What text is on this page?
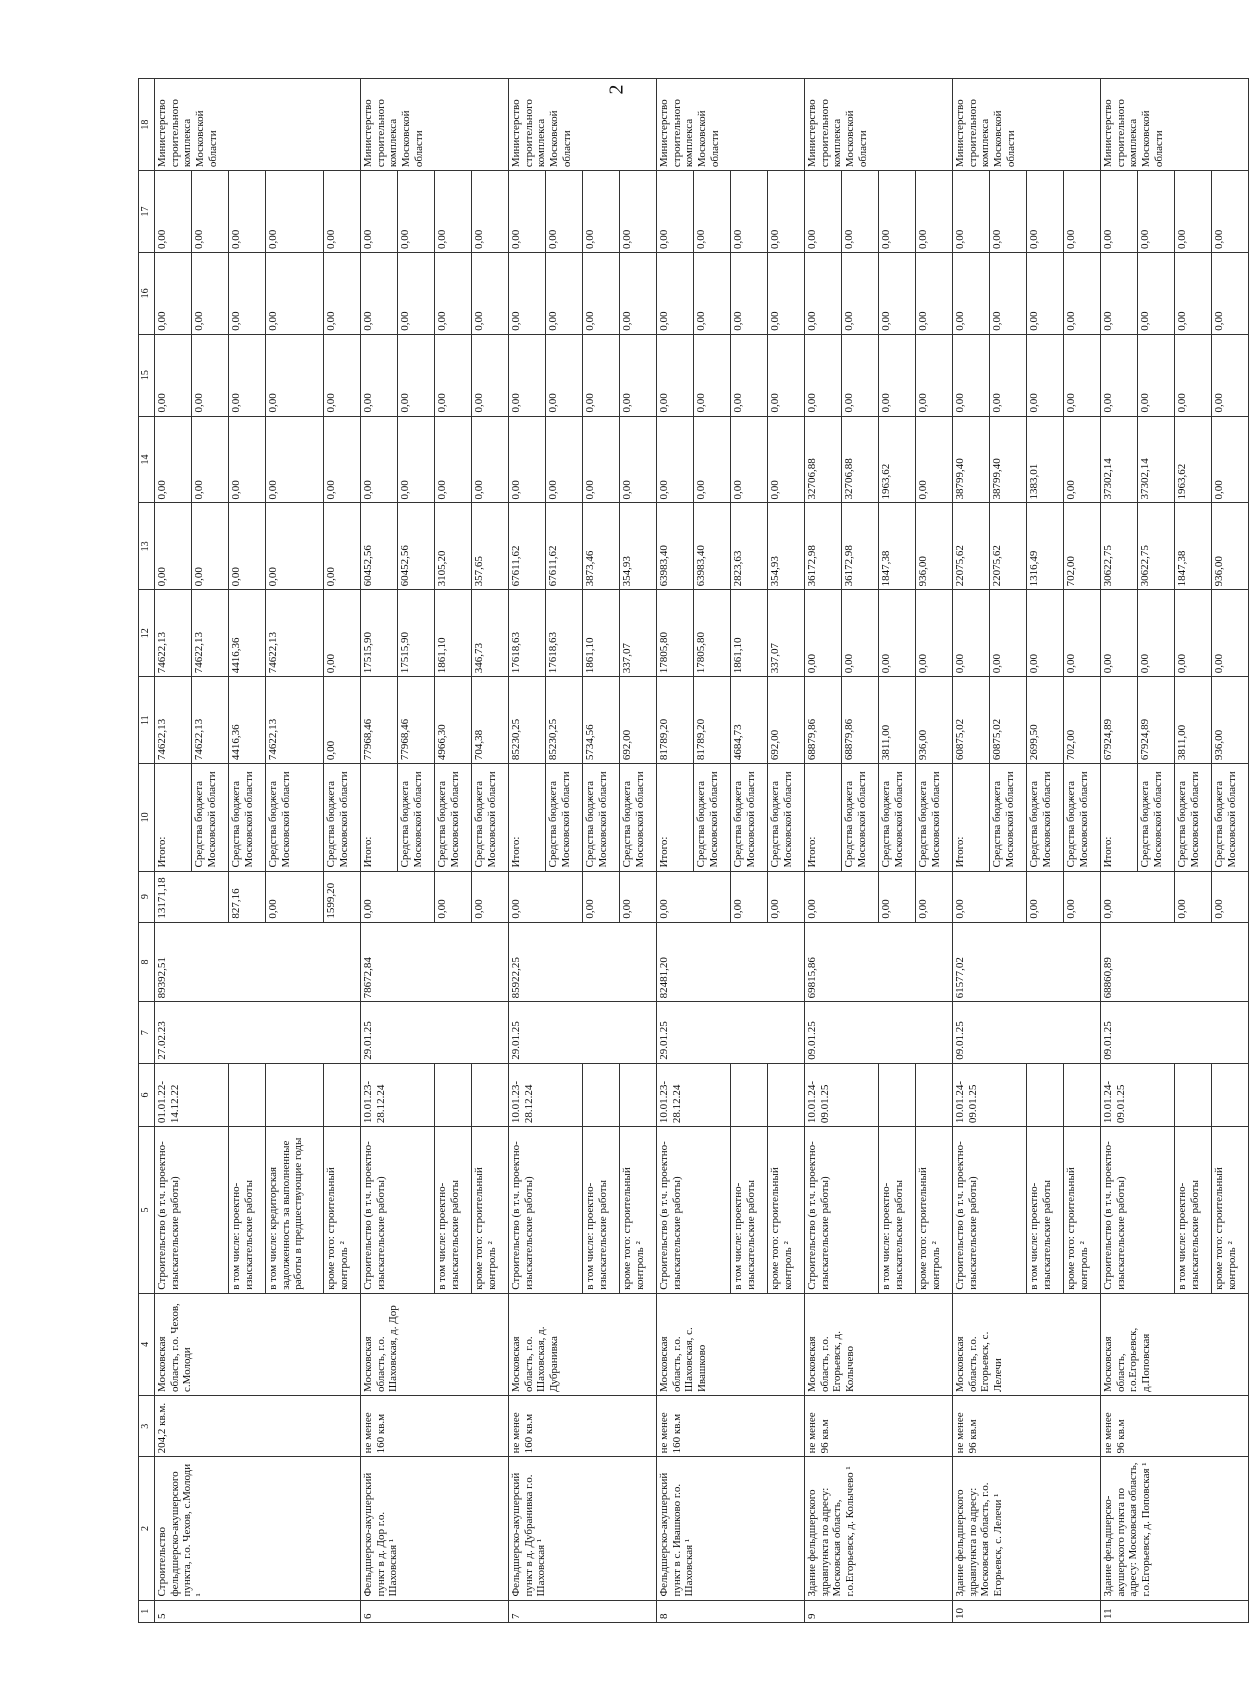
2
1	2	3	4	5	6	7	8	9	10	11	12	13	14	15	16	17	18
5	Строительство фельдшерско-акушерского пункта, г.о. Чехов, с.Молоди ¹	204,2 кв.м.	Московская область, г.о. Чехов, с.Молоди	Строительство (в т.ч. проектно-изыскательские работы)	01.01.22-14.12.22	27.02.23	89392,51	13171,18	Итого:	74622,13	74622,13	0,00	0,00	0,00	0,00	0,00	Министерство строительного комплекса Московской области
									Средства бюджета Московской области	74622,13	74622,13	0,00	0,00	0,00	0,00	0,00	
				в том числе: проектно-изыскательские работы				827,16	Средства бюджета Московской области	4416,36	4416,36	0,00	0,00	0,00	0,00	0,00	
				в том числе: кредиторская задолженность за выполненные работы в предшествующие годы				0,00	Средства бюджета Московской области	74622,13	74622,13	0,00	0,00	0,00	0,00	0,00	
				кроме того: строительный контроль ²				1599,20	Средства бюджета Московской области	0,00	0,00	0,00	0,00	0,00	0,00	0,00	
6	Фельдшерско-акушерский пункт в д. Дор г.о. Шаховская ¹	не менее 160 кв.м	Московская область, г.о. Шаховская, д. Дор	Строительство (в т.ч. проектно-изыскательские работы)	10.01.23-28.12.24	29.01.25	78672,84	0,00	Итого:	77968,46	17515,90	60452,56	0,00	0,00	0,00	0,00	Министерство строительного комплекса Московской области
									Средства бюджета Московской области	77968,46	17515,90	60452,56	0,00	0,00	0,00	0,00	
				в том числе: проектно-изыскательские работы				0,00	Средства бюджета Московской области	4966,30	1861,10	3105,20	0,00	0,00	0,00	0,00	
				кроме того: строительный контроль ²				0,00	Средства бюджета Московской области	704,38	346,73	357,65	0,00	0,00	0,00	0,00	
7	Фельдшерско-акушерский пункт в д. Дубранивка г.о. Шаховская ¹	не менее 160 кв.м	Московская область, г.о. Шаховская, д. Дубранивка	Строительство (в т.ч. проектно-изыскательские работы)	10.01.23-28.12.24	29.01.25	85922,25	0,00	Итого:	85230,25	17618,63	67611,62	0,00	0,00	0,00	0,00	Министерство строительного комплекса Московской области
									Средства бюджета Московской области	85230,25	17618,63	67611,62	0,00	0,00	0,00	0,00	
				в том числе: проектно-изыскательские работы				0,00	Средства бюджета Московской области	5734,56	1861,10	3873,46	0,00	0,00	0,00	0,00	
				кроме того: строительный контроль ²				0,00	Средства бюджета Московской области	692,00	337,07	354,93	0,00	0,00	0,00	0,00	
8	Фельдшерско-акушерский пункт в с. Ивашково г.о. Шаховская ¹	не менее 160 кв.м	Московская область, г.о. Шаховская, с. Ивашково	Строительство (в т.ч. проектно-изыскательские работы)	10.01.23-28.12.24	29.01.25	82481,20	0,00	Итого:	81789,20	17805,80	63983,40	0,00	0,00	0,00	0,00	Министерство строительного комплекса Московской области
									Средства бюджета Московской области	81789,20	17805,80	63983,40	0,00	0,00	0,00	0,00	
				в том числе: проектно-изыскательские работы				0,00	Средства бюджета Московской области	4684,73	1861,10	2823,63	0,00	0,00	0,00	0,00	
				кроме того: строительный контроль ²				0,00	Средства бюджета Московской области	692,00	337,07	354,93	0,00	0,00	0,00	0,00	
9	Здание фельдшерского здравпункта по адресу: Московская область, г.о.Егорьевск, д. Колычево ¹	не менее 96 кв.м	Московская область, г.о. Егорьевск, д. Колычево	Строительство (в т.ч. проектно-изыскательские работы)	10.01.24-09.01.25	09.01.25	69815,86	0,00	Итого:	68879,86	0,00	36172,98	32706,88	0,00	0,00	0,00	Министерство строительного комплекса Московской области
									Средства бюджета Московской области	68879,86	0,00	36172,98	32706,88	0,00	0,00	0,00	
				в том числе: проектно-изыскательские работы				0,00	Средства бюджета Московской области	3811,00	0,00	1847,38	1963,62	0,00	0,00	0,00	
				кроме того: строительный контроль ²				0,00	Средства бюджета Московской области	936,00	0,00	936,00	0,00	0,00	0,00	0,00	
10	Здание фельдшерского здравпункта по адресу: Московская область, г.о. Егорьевск, с. Лелечи ¹	не менее 96 кв.м	Московская область, г.о. Егорьевск, с. Лелечи	Строительство (в т.ч. проектно-изыскательские работы)	10.01.24-09.01.25	09.01.25	61577,02	0,00	Итого:	60875,02	0,00	22075,62	38799,40	0,00	0,00	0,00	Министерство строительного комплекса Московской области
									Средства бюджета Московской области	60875,02	0,00	22075,62	38799,40	0,00	0,00	0,00	
				в том числе: проектно-изыскательские работы				0,00	Средства бюджета Московской области	2699,50	0,00	1316,49	1383,01	0,00	0,00	0,00	
				кроме того: строительный контроль ²				0,00	Средства бюджета Московской области	702,00	0,00	702,00	0,00	0,00	0,00	0,00	
11	Здание фельдшерско-акушерского пункта по адресу: Московская область, г.о.Егорьевск, д. Поповская ¹	не менее 96 кв.м	Московская область, г.о.Егорьевск, д.Поповская	Строительство (в т.ч. проектно-изыскательские работы)	10.01.24-09.01.25	09.01.25	68860,89	0,00	Итого:	67924,89	0,00	30622,75	37302,14	0,00	0,00	0,00	Министерство строительного комплекса Московской области
									Средства бюджета Московской области	67924,89	0,00	30622,75	37302,14	0,00	0,00	0,00	
				в том числе: проектно-изыскательские работы				0,00	Средства бюджета Московской области	3811,00	0,00	1847,38	1963,62	0,00	0,00	0,00	
				кроме того: строительный контроль ²				0,00	Средства бюджета Московской области	936,00	0,00	936,00	0,00	0,00	0,00	0,00	
